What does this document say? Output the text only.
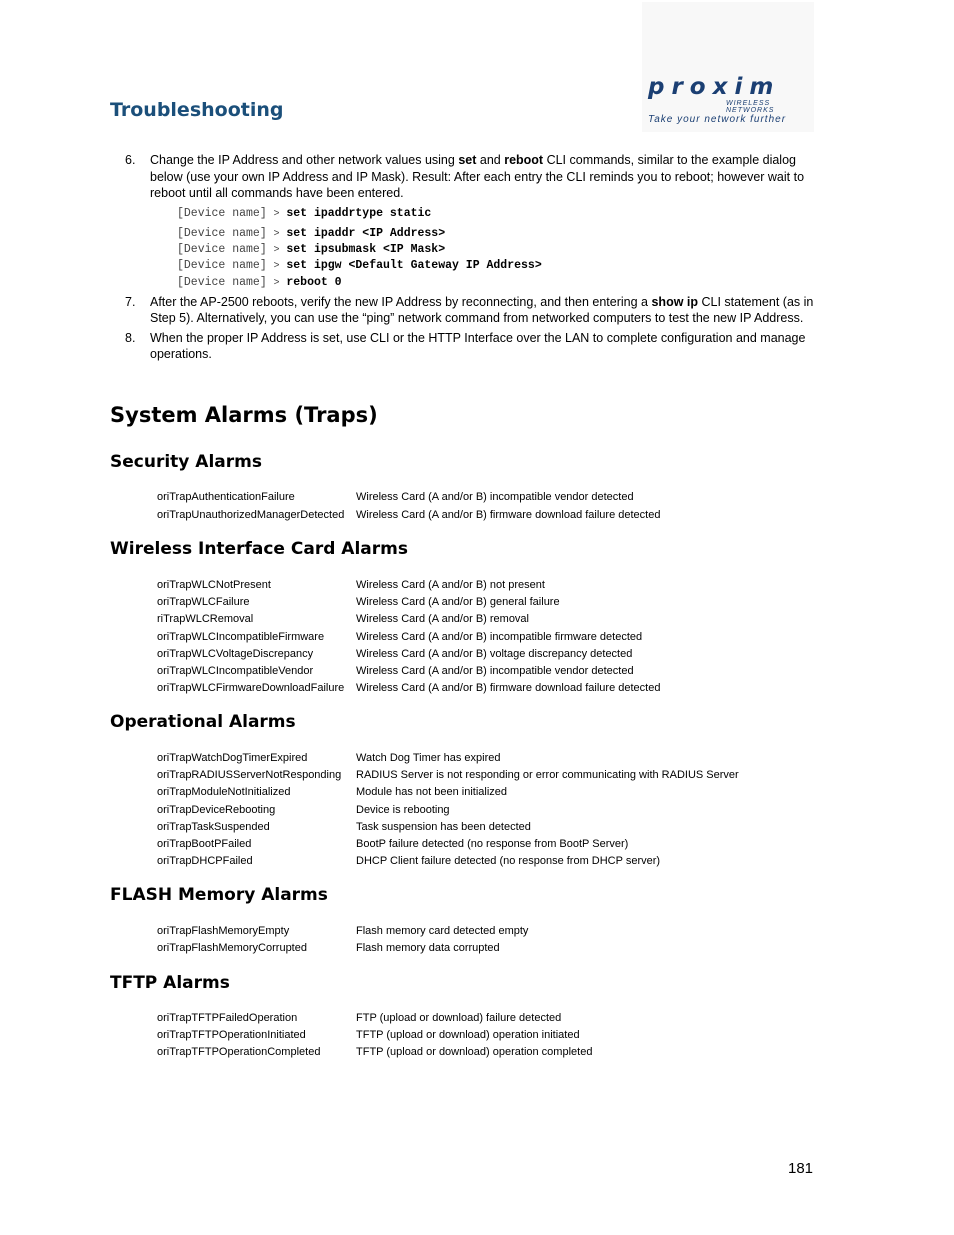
proxim
WIRELESS NETWORKS
Take your network further
Troubleshooting
6. Change the IP Address and other network values using set and reboot CLI commands, similar to the example dialog below (use your own IP Address and IP Mask). Result: After each entry the CLI reminds you to reboot; however wait to reboot until all commands have been entered.
[Device name] > set ipaddrtype static
[Device name] > set ipaddr <IP Address>
[Device name] > set ipsubmask <IP Mask>
[Device name] > set ipgw <Default Gateway IP Address>
[Device name] > reboot 0
7. After the AP-2500 reboots, verify the new IP Address by reconnecting, and then entering a show ip CLI statement (as in Step 5). Alternatively, you can use the “ping” network command from networked computers to test the new IP Address.
8. When the proper IP Address is set, use CLI or the HTTP Interface over the LAN to complete configuration and manage operations.
System Alarms (Traps)
Security Alarms
oriTrapAuthenticationFailure	Wireless Card (A and/or B) incompatible vendor detected
oriTrapUnauthorizedManagerDetected	Wireless Card (A and/or B) firmware download failure detected
Wireless Interface Card Alarms
oriTrapWLCNotPresent	Wireless Card (A and/or B) not present
oriTrapWLCFailure	Wireless Card (A and/or B) general failure
riTrapWLCRemoval	Wireless Card (A and/or B) removal
oriTrapWLCIncompatibleFirmware	Wireless Card (A and/or B) incompatible firmware detected
oriTrapWLCVoltageDiscrepancy	Wireless Card (A and/or B) voltage discrepancy detected
oriTrapWLCIncompatibleVendor	Wireless Card (A and/or B) incompatible vendor detected
oriTrapWLCFirmwareDownloadFailure	Wireless Card (A and/or B) firmware download failure detected
Operational Alarms
oriTrapWatchDogTimerExpired	Watch Dog Timer has expired
oriTrapRADIUSServerNotResponding	RADIUS Server is not responding or error communicating with RADIUS Server
oriTrapModuleNotInitialized	Module has not been initialized
oriTrapDeviceRebooting	Device is rebooting
oriTrapTaskSuspended	Task suspension has been detected
oriTrapBootPFailed	BootP failure detected (no response from BootP Server)
oriTrapDHCPFailed	DHCP Client failure detected (no response from DHCP server)
FLASH Memory Alarms
oriTrapFlashMemoryEmpty	Flash memory card detected empty
oriTrapFlashMemoryCorrupted	Flash memory data corrupted
TFTP Alarms
oriTrapTFTPFailedOperation	FTP (upload or download) failure detected
oriTrapTFTPOperationInitiated	TFTP (upload or download) operation initiated
oriTrapTFTPOperationCompleted	TFTP (upload or download) operation completed
181
